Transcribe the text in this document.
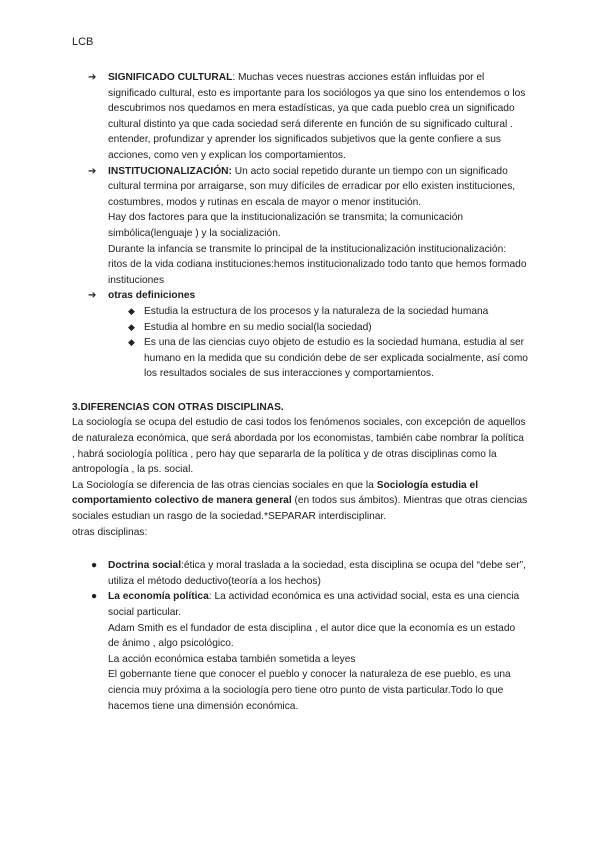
LCB
➔ SIGNIFICADO CULTURAL: Muchas veces nuestras acciones están influidas por el significado cultural, esto es importante para los sociólogos ya que sino los entendemos o los descubrimos nos quedamos en mera estadísticas, ya que cada pueblo crea un significado cultural distinto ya que cada sociedad será diferente en función de su significado cultural .

entender, profundizar y aprender los significados subjetivos que la gente confiere a sus acciones, como ven y explican los comportamientos.

➔ INSTITUCIONALIZACIÓN: Un acto social repetido durante un tiempo con un significado cultural termina por arraigarse, son muy difíciles de erradicar por ello existen instituciones, costumbres, modos y rutinas en escala de mayor o menor institución.

Hay dos factores para que la institucionalización se transmita; la comunicación simbólica(lenguaje ) y la socialización.

Durante la infancia se transmite lo principal de la institucionalización institucionalización: ritos de la vida codiana instituciones:hemos institucionalizado todo tanto que hemos formado instituciones

➔ otras definiciones

◆ Estudia la estructura de los procesos y la naturaleza de la sociedad humana

◆ Estudia al hombre en su medio social(la sociedad)

◆ Es una de las ciencias cuyo objeto de estudio es la sociedad humana, estudia al ser humano en la medida que su condición debe de ser explicada socialmente, así como los resultados sociales de sus interacciones y comportamientos.

3.DIFERENCIAS CON OTRAS DISCIPLINAS.

La sociología se ocupa del estudio de casi todos los fenómenos sociales, con excepción de aquellos de naturaleza económica, que será abordada por los economistas, también cabe nombrar la política , habrá sociología política , pero hay que separarla de la política y de otras disciplinas como la antropología , la ps. social.

La Sociología se diferencia de las otras ciencias sociales en que la Sociología estudia el comportamiento colectivo de manera general (en todos sus ámbitos). Mientras que otras ciencias sociales estudian un rasgo de la sociedad.*SEPARAR interdisciplinar.

otras disciplinas:

● Doctrina social:ética y moral traslada a la sociedad, esta disciplina se ocupa del “debe ser”, utiliza el método deductivo(teoría a los hechos)

● La economía política: La actividad económica es una actividad social, esta es una ciencia social particular.

Adam Smith es el fundador de esta disciplina , el autor dice que la economía es un estado de ánimo , algo psicológico.

La acción económica estaba también sometida a leyes

El gobernante tiene que conocer el pueblo y conocer la naturaleza de ese pueblo, es una ciencia muy próxima a la sociología pero tiene otro punto de vista particular.Todo lo que hacemos tiene una dimensión económica.
